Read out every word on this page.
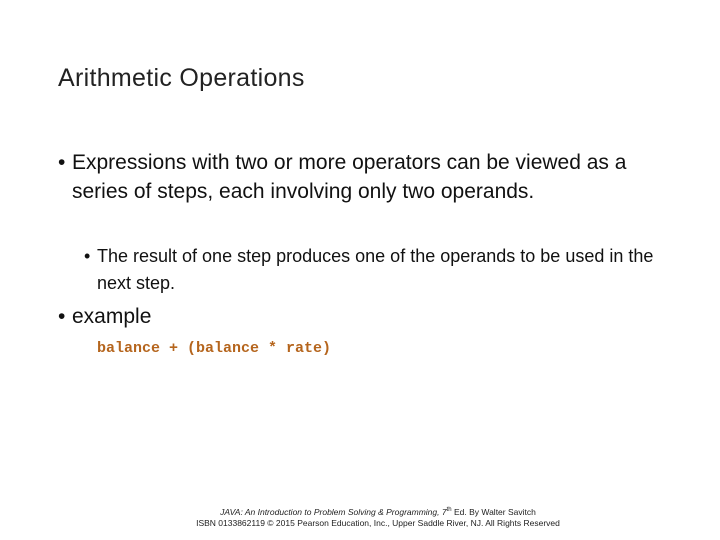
Arithmetic Operations
• Expressions with two or more operators can be viewed as a series of steps, each involving only two operands.
• The result of one step produces one of the operands to be used in the next step.
• example
balance + (balance * rate)
JAVA: An Introduction to Problem Solving & Programming, 7th Ed. By Walter Savitch
ISBN 0133862119 © 2015 Pearson Education, Inc., Upper Saddle River, NJ. All Rights Reserved
